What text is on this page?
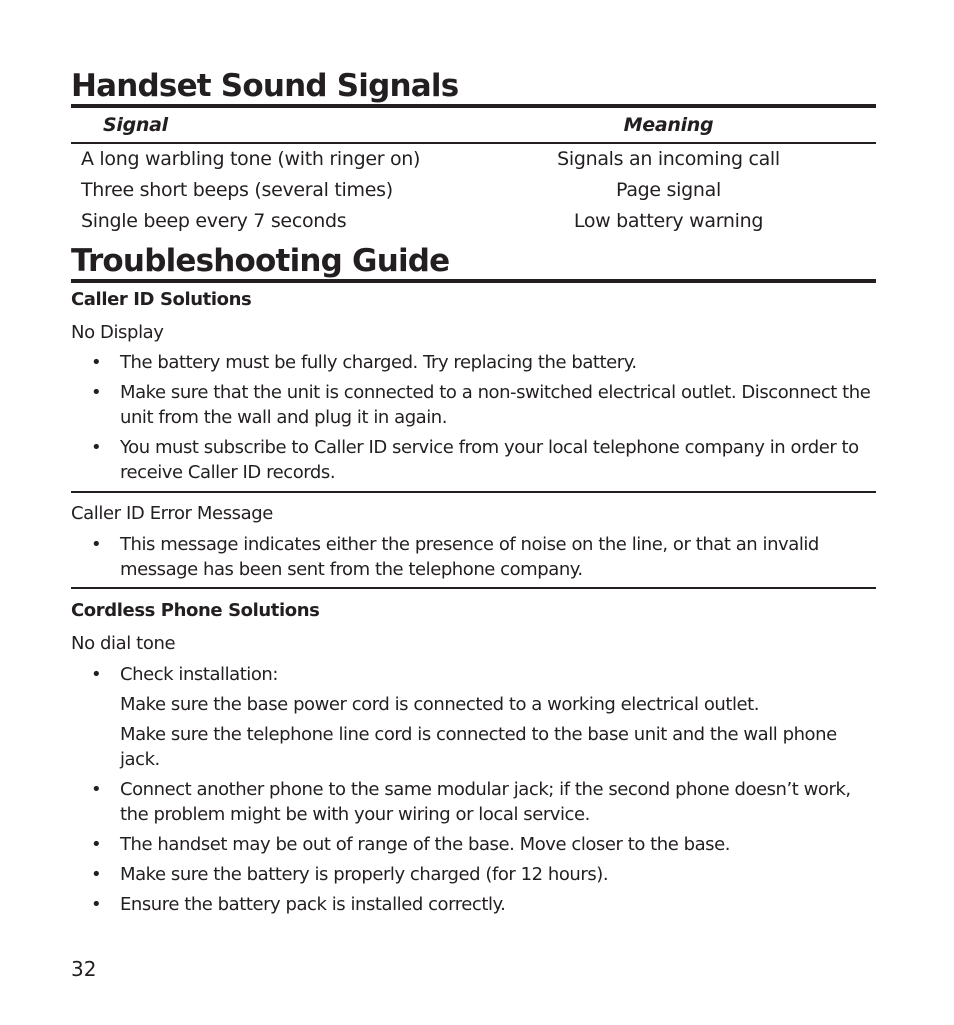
Handset Sound Signals
Signal	Meaning
A long warbling tone (with ringer on)	Signals an incoming call
Three short beeps (several times)	Page signal
Single beep every 7 seconds	Low battery warning
Troubleshooting Guide
Caller ID Solutions

No Display

• The battery must be fully charged. Try replacing the battery.
• Make sure that the unit is connected to a non-switched electrical outlet. Disconnect the unit from the wall and plug it in again.
• You must subscribe to Caller ID service from your local telephone company in order to receive Caller ID records.

Caller ID Error Message

• This message indicates either the presence of noise on the line, or that an invalid message has been sent from the telephone company.
Cordless Phone Solutions

No dial tone

• Check installation:
Make sure the base power cord is connected to a working electrical outlet.
Make sure the telephone line cord is connected to the base unit and the wall phone jack.
• Connect another phone to the same modular jack; if the second phone doesn’t work, the problem might be with your wiring or local service.
• The handset may be out of range of the base. Move closer to the base.
• Make sure the battery is properly charged (for 12 hours).
• Ensure the battery pack is installed correctly.
32
